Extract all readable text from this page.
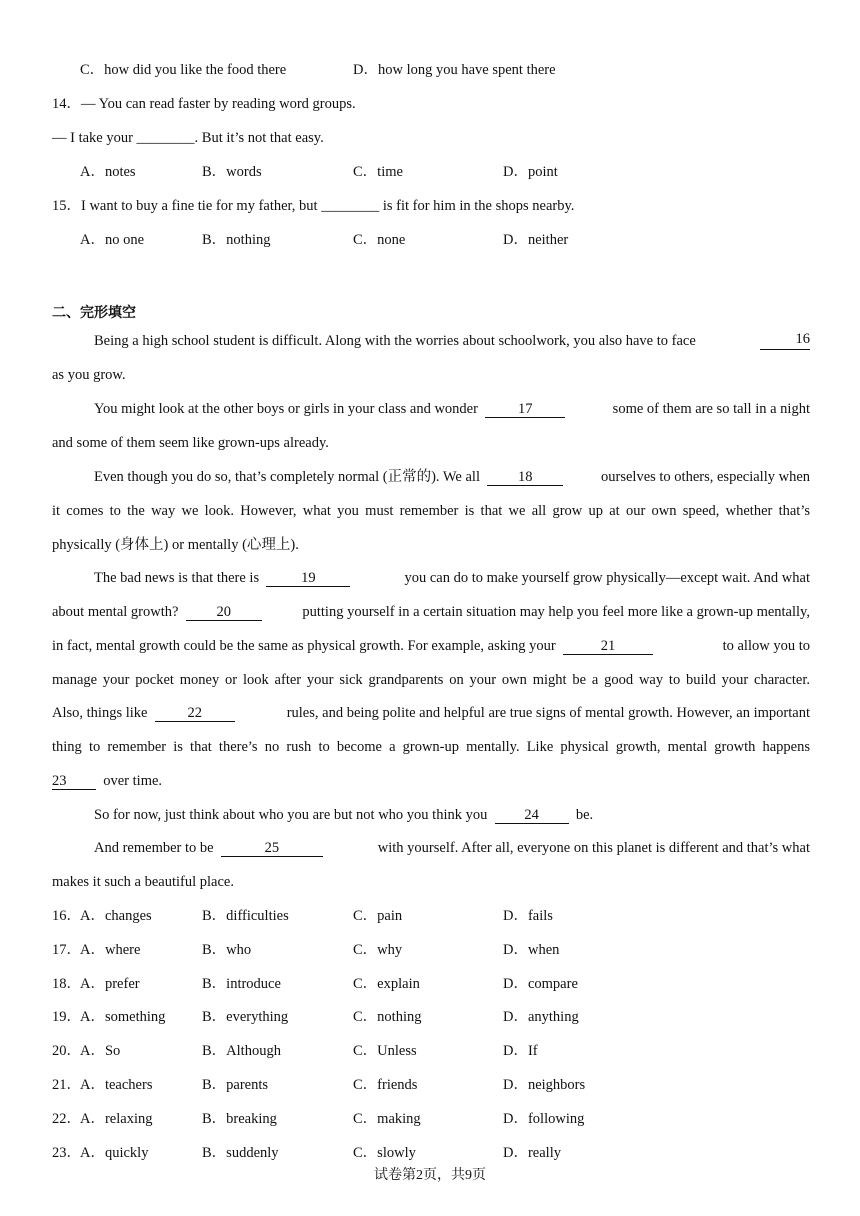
C．how did you like the food there	D．how long you have spent there
14．— You can read faster by reading word groups.
— I take your ________. But it’s not that easy.
A．notes	B．words	C．time	D．point
15．I want to buy a fine tie for my father, but ________ is fit for him in the shops nearby.
A．no one	B．nothing	C．none	D．neither
二、完形填空
Being a high school student is difficult. Along with the worries about schoolwork, you also have to face	16
as you grow.
You might look at the other boys or girls in your class and wonder	17	some of them are so tall in a night
and some of them seem like grown-ups already.
Even though you do so, that’s completely normal (正常的). We all	18	ourselves to others, especially when
it comes to the way we look. However, what you must remember is that we all grow up at our own speed, whether that’s
physically (身体上) or mentally (心理上).
The bad news is that there is	19	you can do to make yourself grow physically—except wait. And what
about mental growth?	20	putting yourself in a certain situation may help you feel more like a grown-up mentally,
in fact, mental growth could be the same as physical growth. For example, asking your	21	to allow you to
manage your pocket money or look after your sick grandparents on your own might be a good way to build your character.
Also, things like	22	rules, and being polite and helpful are true signs of mental growth. However, an important
thing to remember is that there’s no rush to become a grown-up mentally. Like physical growth, mental growth happens
23	over time.
So for now, just think about who you are but not who you think you	24	be.
And remember to be	25	with yourself. After all, everyone on this planet is different and that’s what
makes it such a beautiful place.
16． A．changes	B．difficulties	C．pain	D．fails
17． A．where	B．who	C．why	D．when
18． A．prefer	B．introduce	C．explain	D．compare
19． A．something	B．everything	C．nothing	D．anything
20． A．So	B．Although	C．Unless	D．If
21． A．teachers	B．parents	C．friends	D．neighbors
22． A．relaxing	B．breaking	C．making	D．following
23． A．quickly	B．suddenly	C．slowly	D．really
试卷第2页，共9页
